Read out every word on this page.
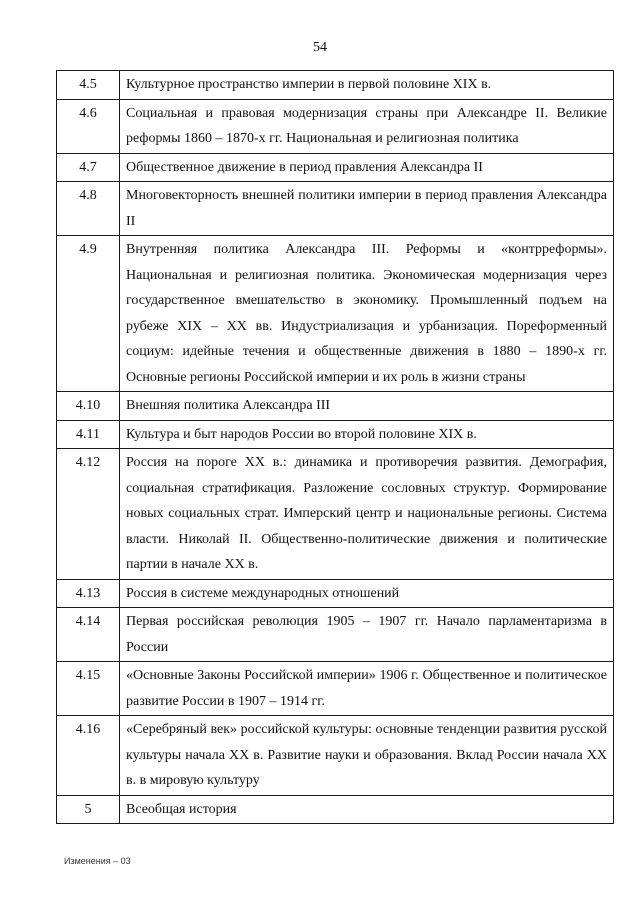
54
4.5	Культурное пространство империи в первой половине XIX в.
4.6	Социальная и правовая модернизация страны при Александре II. Великие реформы 1860 – 1870-х гг. Национальная и религиозная политика
4.7	Общественное движение в период правления Александра II
4.8	Многовекторность внешней политики империи в период правления Александра II
4.9	Внутренняя политика Александра III. Реформы и «контрреформы». Национальная и религиозная политика. Экономическая модернизация через государственное вмешательство в экономику. Промышленный подъем на рубеже XIX – XX вв. Индустриализация и урбанизация. Пореформенный социум: идейные течения и общественные движения в 1880 – 1890-х гг. Основные регионы Российской империи и их роль в жизни страны
4.10	Внешняя политика Александра III
4.11	Культура и быт народов России во второй половине XIX в.
4.12	Россия на пороге XX в.: динамика и противоречия развития. Демография, социальная стратификация. Разложение сословных структур. Формирование новых социальных страт. Имперский центр и национальные регионы. Система власти. Николай II. Общественно-политические движения и политические партии в начале XX в.
4.13	Россия в системе международных отношений
4.14	Первая российская революция 1905 – 1907 гг. Начало парламентаризма в России
4.15	«Основные Законы Российской империи» 1906 г. Общественное и политическое развитие России в 1907 – 1914 гг.
4.16	«Серебряный век» российской культуры: основные тенденции развития русской культуры начала XX в. Развитие науки и образования. Вклад России начала XX в. в мировую культуру
5	Всеобщая история
Изменения – 03
